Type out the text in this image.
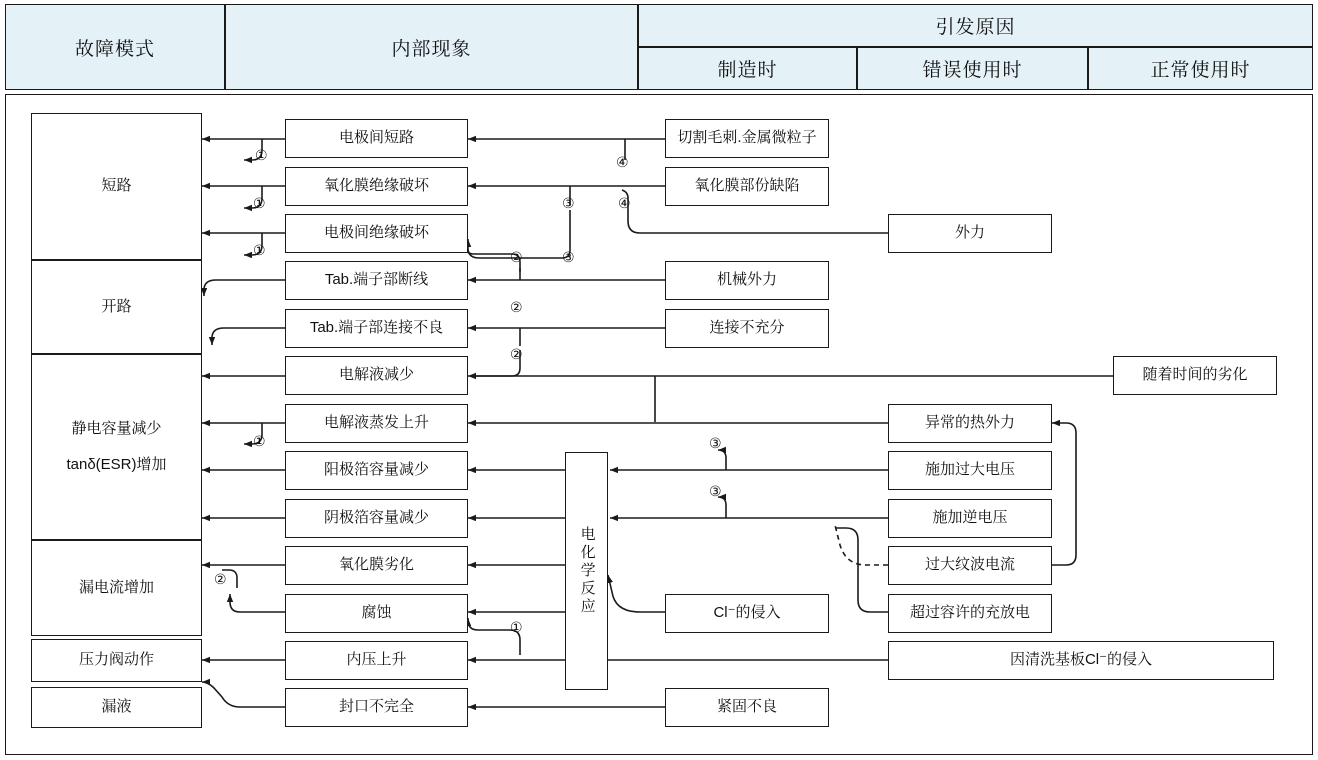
故障模式	内部现象
引发原因
制造时	错误使用时	正常使用时
短路
开路
静电容量减少
tanδ(ESR)增加
漏电流增加
压力阀动作
漏液
电极间短路
氧化膜绝缘破坏
电极间绝缘破坏
Tab.端子部断线
Tab.端子部连接不良
电解液减少
电解液蒸发上升
阳极箔容量减少
阴极箔容量减少
氧化膜劣化
腐蚀
内压上升
封口不完全
电化学反应
切割毛刺.金属微粒子
氧化膜部份缺陷
机械外力
连接不充分
Cl⁻的侵入
紧固不良
外力
异常的热外力
施加过大电压
施加逆电压
过大纹波电流
超过容许的充放电
因清洗基板Cl⁻的侵入
随着时间的劣化
①
①
①
④
③	④
②	③
②
②
①	③
③
②
①
